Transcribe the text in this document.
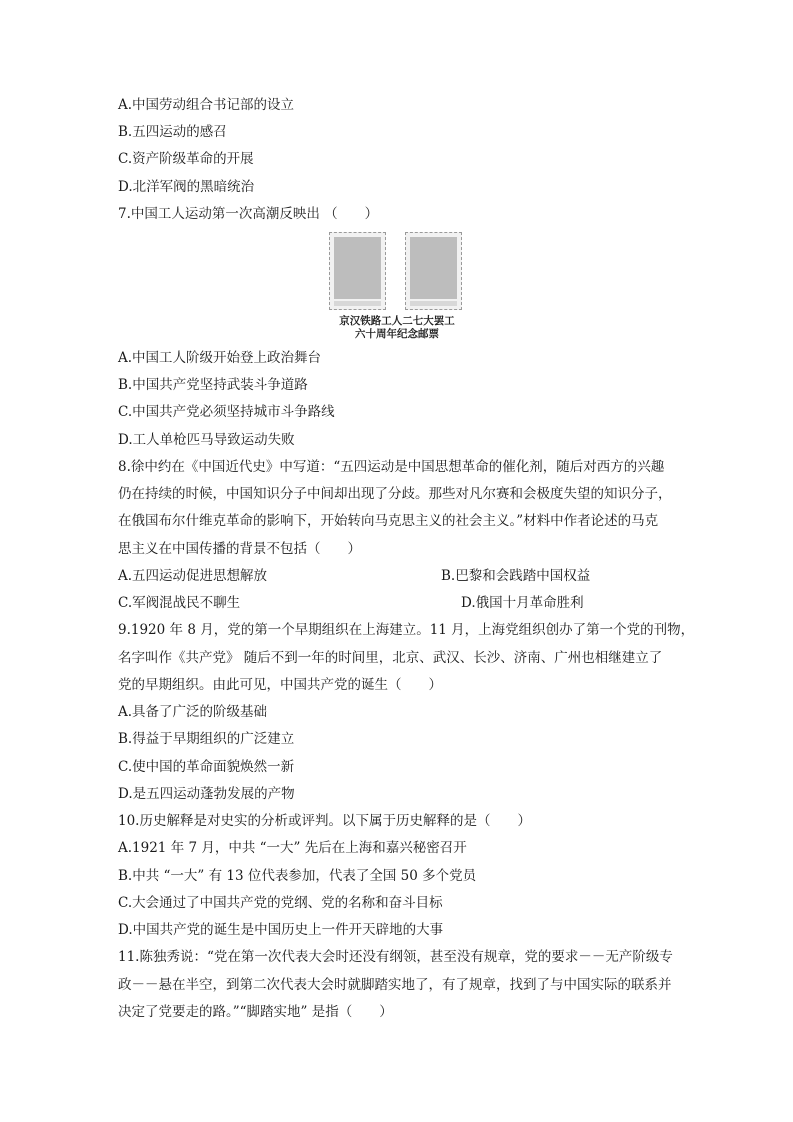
A.中国劳动组合书记部的设立
B.五四运动的感召
C.资产阶级革命的开展
D.北洋军阀的黑暗统治
7.中国工人运动第一次高潮反映出 （　　）
京汉铁路工人二七大罢工
六十周年纪念邮票
A.中国工人阶级开始登上政治舞台
B.中国共产党坚持武装斗争道路
C.中国共产党必须坚持城市斗争路线
D.工人单枪匹马导致运动失败
8.徐中约在《中国近代史》中写道：“五四运动是中国思想革命的催化剂，随后对西方的兴趣
仍在持续的时候，中国知识分子中间却出现了分歧。那些对凡尔赛和会极度失望的知识分子，
在俄国布尔什维克革命的影响下，开始转向马克思主义的社会主义。”材料中作者论述的马克
思主义在中国传播的背景不包括（　　）
A.五四运动促进思想解放	B.巴黎和会践踏中国权益
C.军阀混战民不聊生	D.俄国十月革命胜利
9.1920 年 8 月，党的第一个早期组织在上海建立。11 月，上海党组织创办了第一个党的刊物，
名字叫作《共产党》 随后不到一年的时间里，北京、武汉、长沙、济南、广州也相继建立了
党的早期组织。由此可见，中国共产党的诞生（　　）
A.具备了广泛的阶级基础
B.得益于早期组织的广泛建立
C.使中国的革命面貌焕然一新
D.是五四运动蓬勃发展的产物
10.历史解释是对史实的分析或评判。以下属于历史解释的是（　　）
A.1921 年 7 月，中共 “一大” 先后在上海和嘉兴秘密召开
B.中共 “一大” 有 13 位代表参加，代表了全国 50 多个党员
C.大会通过了中国共产党的党纲、党的名称和奋斗目标
D.中国共产党的诞生是中国历史上一件开天辟地的大事
11.陈独秀说：“党在第一次代表大会时还没有纲领，甚至没有规章，党的要求－－无产阶级专
政－－悬在半空，到第二次代表大会时就脚踏实地了，有了规章，找到了与中国实际的联系并
决定了党要走的路。”“脚踏实地” 是指（　　）
